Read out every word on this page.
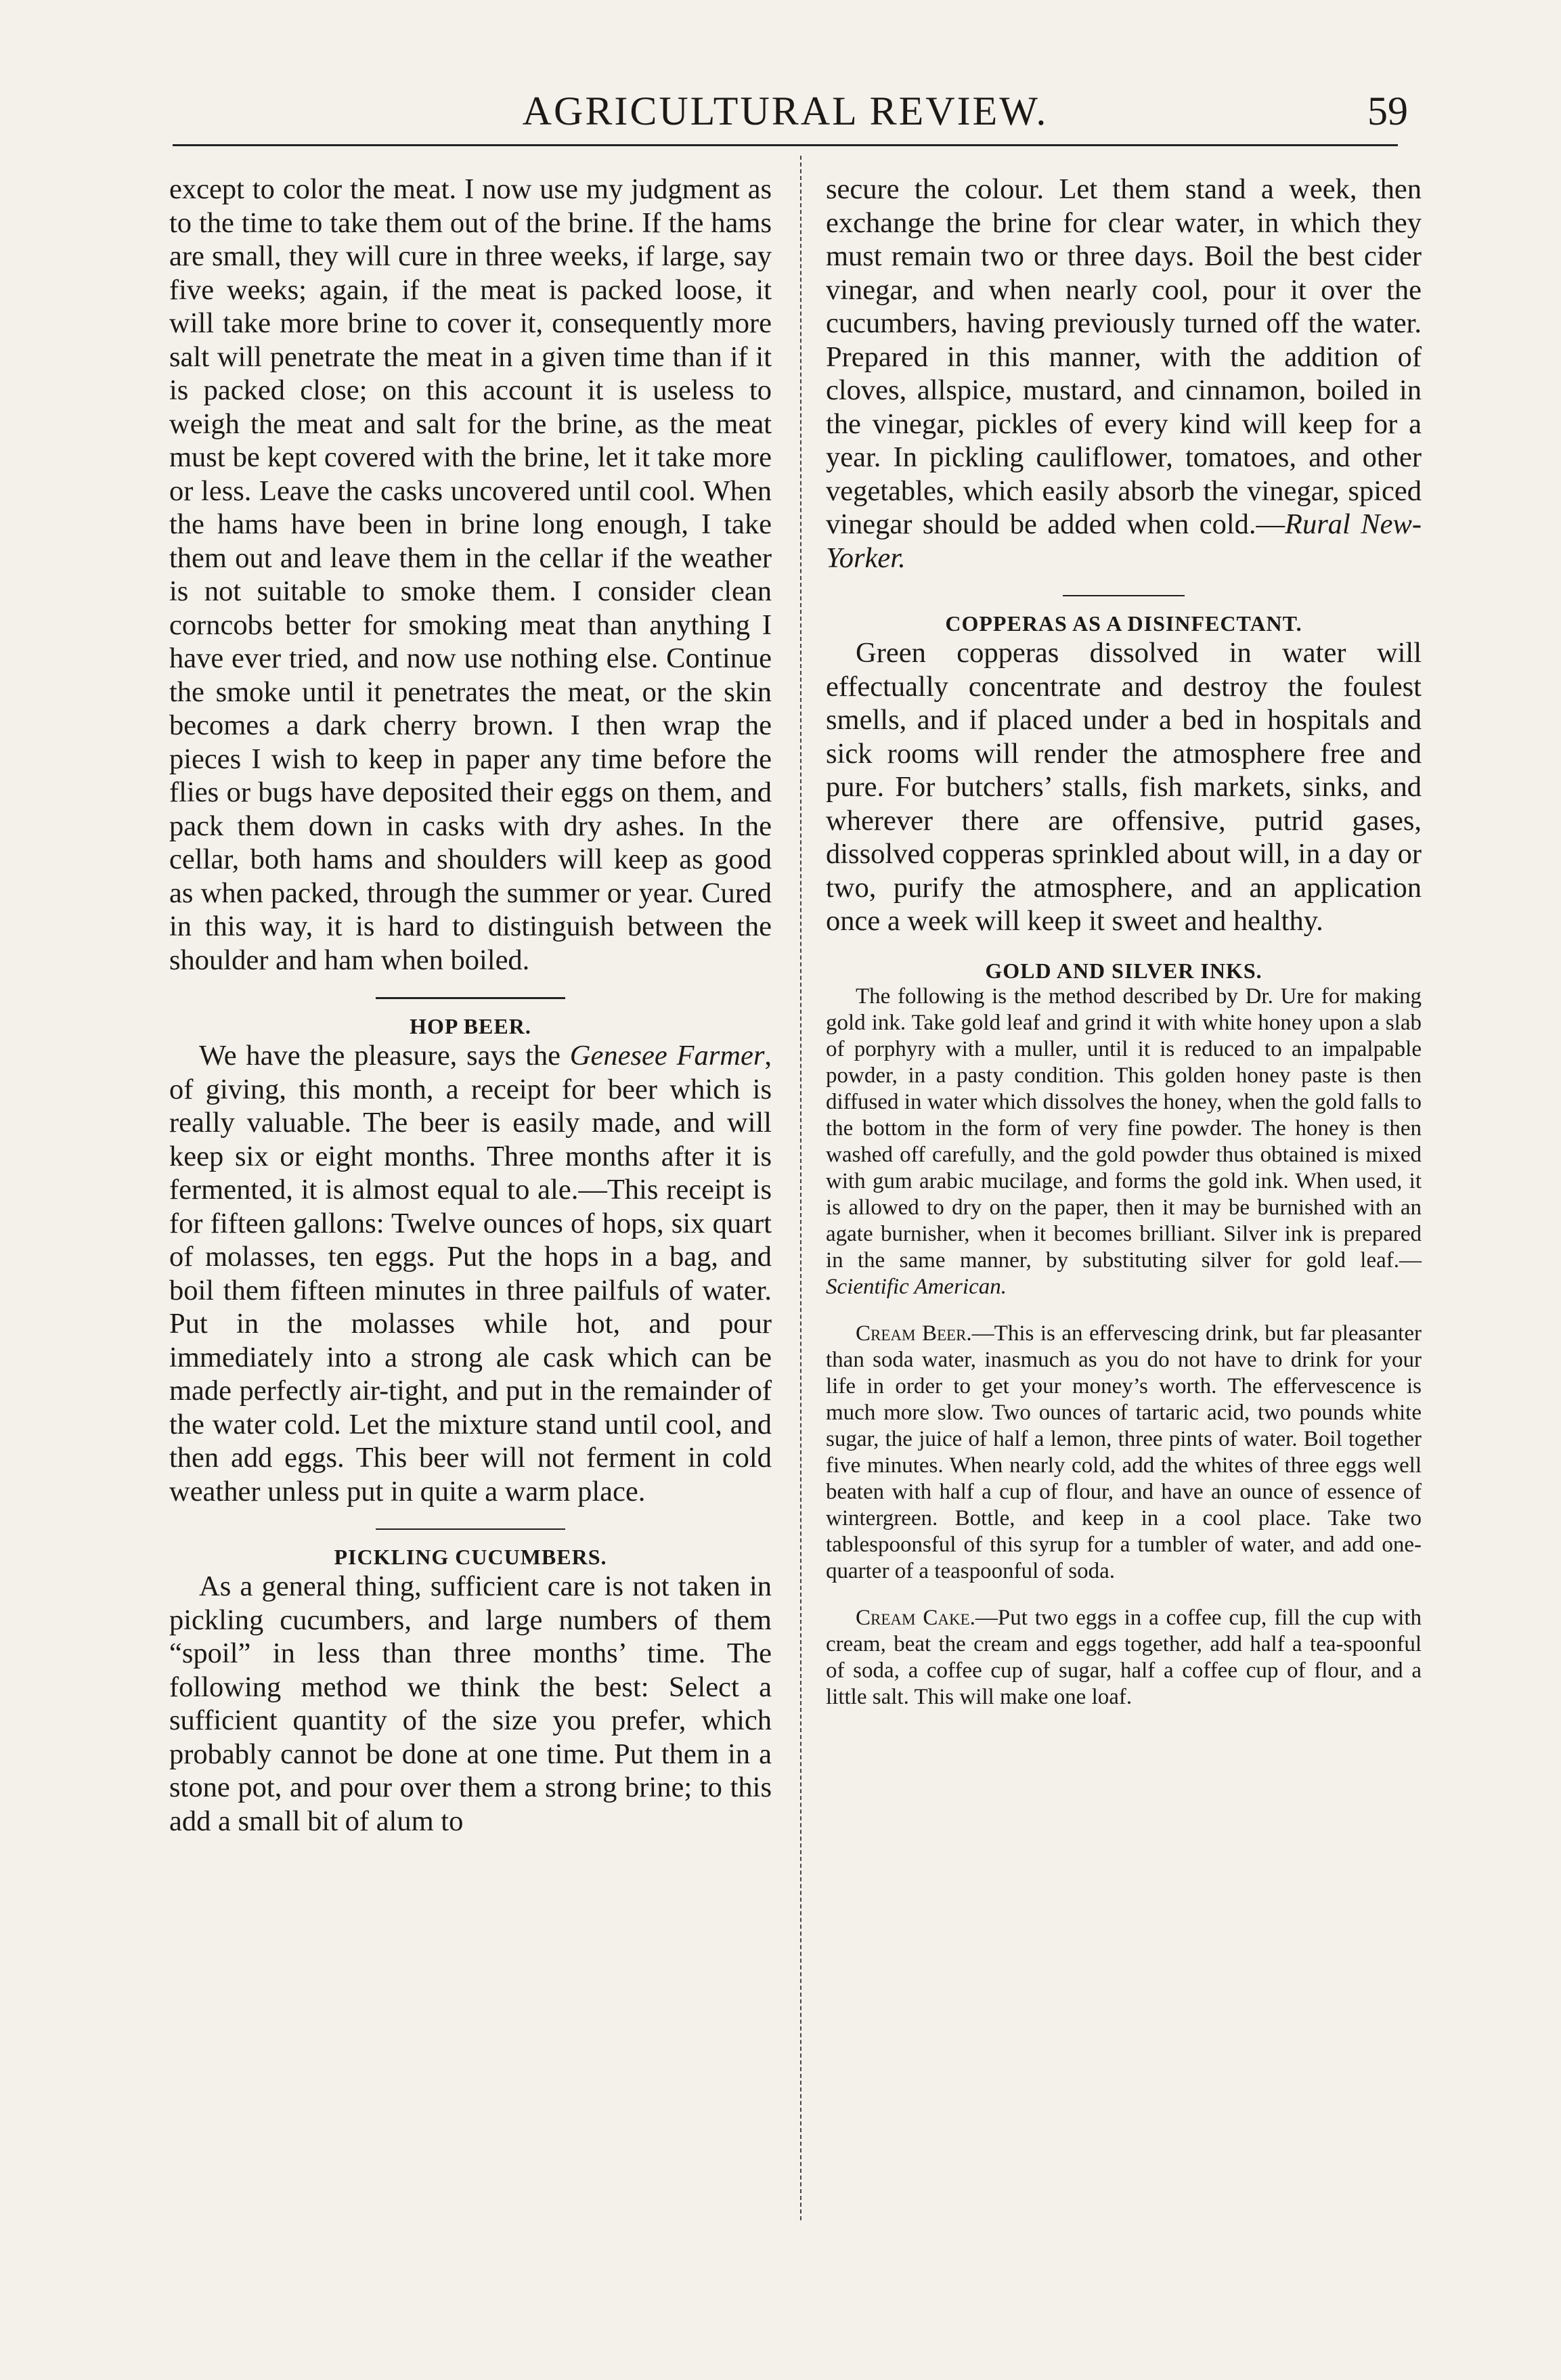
AGRICULTURAL REVIEW.	59

except to color the meat. I now use my judgment as to the time to take them out of the brine. If the hams are small, they will cure in three weeks, if large, say five weeks; again, if the meat is packed loose, it will take more brine to cover it, consequently more salt will penetrate the meat in a given time than if it is packed close; on this account it is useless to weigh the meat and salt for the brine, as the meat must be kept covered with the brine, let it take more or less. Leave the casks uncovered until cool. When the hams have been in brine long enough, I take them out and leave them in the cellar if the weather is not suitable to smoke them. I consider clean corncobs better for smoking meat than anything I have ever tried, and now use nothing else. Continue the smoke until it penetrates the meat, or the skin becomes a dark cherry brown. I then wrap the pieces I wish to keep in paper any time before the flies or bugs have deposited their eggs on them, and pack them down in casks with dry ashes. In the cellar, both hams and shoulders will keep as good as when packed, through the summer or year. Cured in this way, it is hard to distinguish between the shoulder and ham when boiled.

HOP BEER.

We have the pleasure, says the Genesee Farmer, of giving, this month, a receipt for beer which is really valuable. The beer is easily made, and will keep six or eight months. Three months after it is fermented, it is almost equal to ale.—This receipt is for fifteen gallons: Twelve ounces of hops, six quart of molasses, ten eggs. Put the hops in a bag, and boil them fifteen minutes in three pailfuls of water. Put in the molasses while hot, and pour immediately into a strong ale cask which can be made perfectly air-tight, and put in the remainder of the water cold. Let the mixture stand until cool, and then add eggs. This beer will not ferment in cold weather unless put in quite a warm place.

PICKLING CUCUMBERS.

As a general thing, sufficient care is not taken in pickling cucumbers, and large numbers of them “spoil” in less than three months’ time. The following method we think the best: Select a sufficient quantity of the size you prefer, which probably cannot be done at one time. Put them in a stone pot, and pour over them a strong brine; to this add a small bit of alum to

secure the colour. Let them stand a week, then exchange the brine for clear water, in which they must remain two or three days. Boil the best cider vinegar, and when nearly cool, pour it over the cucumbers, having previously turned off the water. Prepared in this manner, with the addition of cloves, allspice, mustard, and cinnamon, boiled in the vinegar, pickles of every kind will keep for a year. In pickling cauliflower, tomatoes, and other vegetables, which easily absorb the vinegar, spiced vinegar should be added when cold.—Rural New-Yorker.

COPPERAS AS A DISINFECTANT.

Green copperas dissolved in water will effectually concentrate and destroy the foulest smells, and if placed under a bed in hospitals and sick rooms will render the atmosphere free and pure. For butchers’ stalls, fish markets, sinks, and wherever there are offensive, putrid gases, dissolved copperas sprinkled about will, in a day or two, purify the atmosphere, and an application once a week will keep it sweet and healthy.

GOLD AND SILVER INKS.

The following is the method described by Dr. Ure for making gold ink. Take gold leaf and grind it with white honey upon a slab of porphyry with a muller, until it is reduced to an impalpable powder, in a pasty condition. This golden honey paste is then diffused in water which dissolves the honey, when the gold falls to the bottom in the form of very fine powder. The honey is then washed off carefully, and the gold powder thus obtained is mixed with gum arabic mucilage, and forms the gold ink. When used, it is allowed to dry on the paper, then it may be burnished with an agate burnisher, when it becomes brilliant. Silver ink is prepared in the same manner, by substituting silver for gold leaf.—Scientific American.

Cream Beer.—This is an effervescing drink, but far pleasanter than soda water, inasmuch as you do not have to drink for your life in order to get your money’s worth. The effervescence is much more slow. Two ounces of tartaric acid, two pounds white sugar, the juice of half a lemon, three pints of water. Boil together five minutes. When nearly cold, add the whites of three eggs well beaten with half a cup of flour, and have an ounce of essence of wintergreen. Bottle, and keep in a cool place. Take two tablespoonsful of this syrup for a tumbler of water, and add one-quarter of a teaspoonful of soda.

Cream Cake.—Put two eggs in a coffee cup, fill the cup with cream, beat the cream and eggs together, add half a tea-spoonful of soda, a coffee cup of sugar, half a coffee cup of flour, and a little salt. This will make one loaf.
